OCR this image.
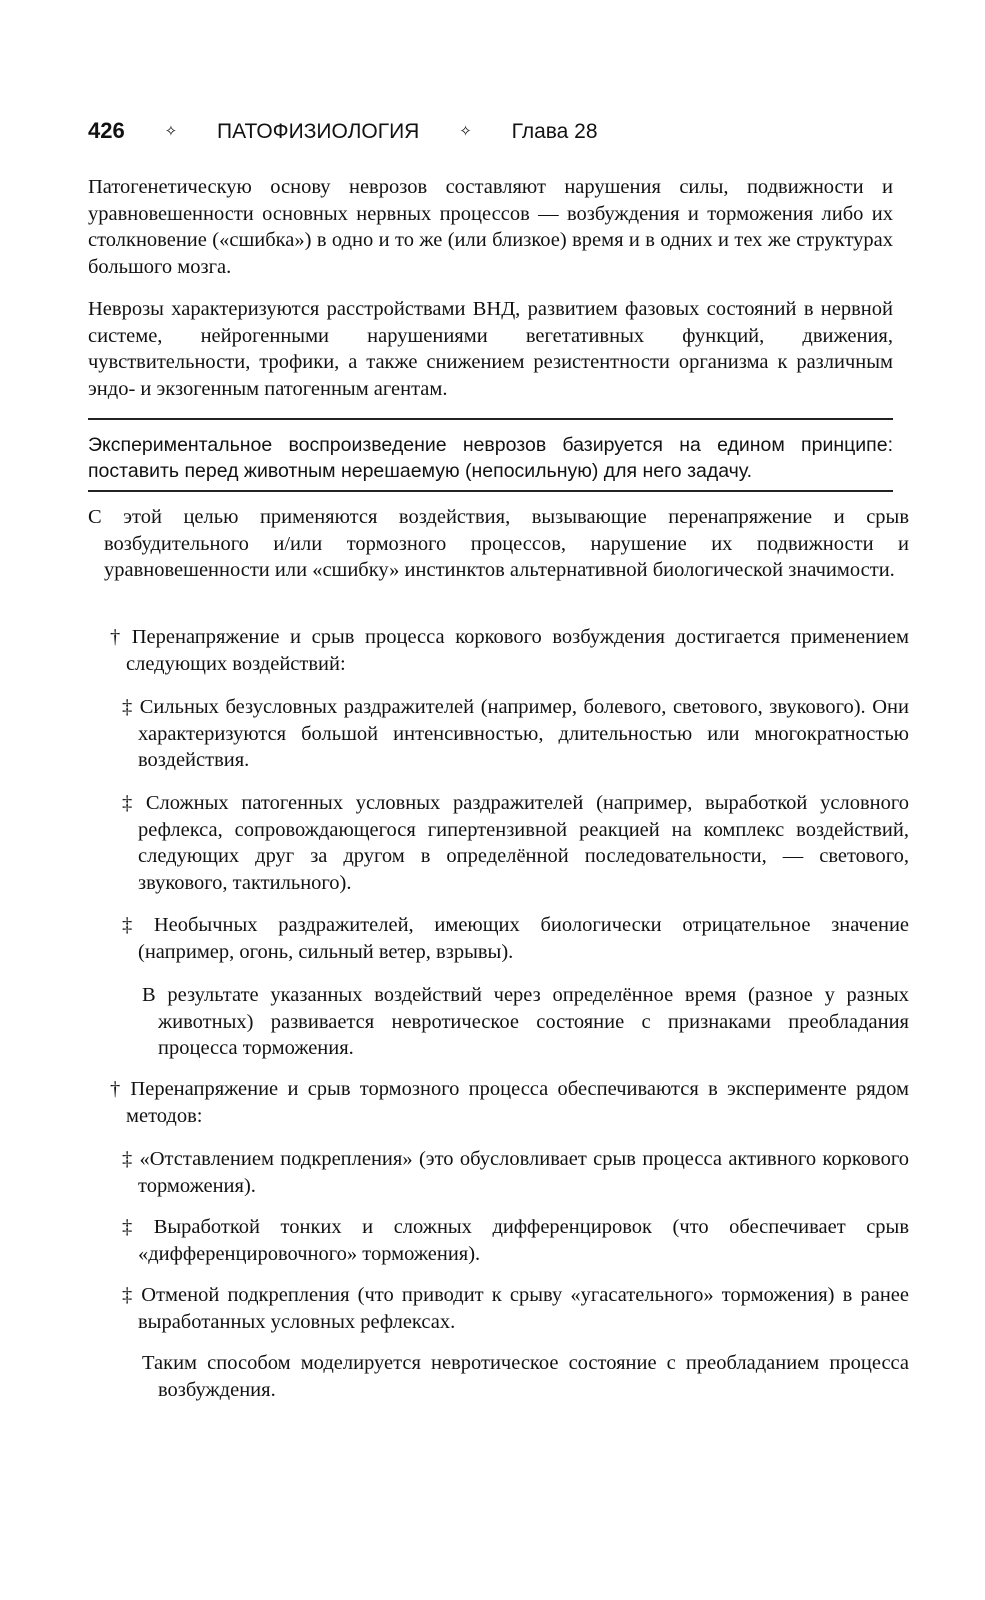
426	✧ ПАТОФИЗИОЛОГИЯ	✧ Глава 28
Патогенетическую основу неврозов составляют нарушения силы, подвижности и уравновешенности основных нервных процессов — возбуждения и торможения либо их столкновение («сшибка») в одно и то же (или близкое) время и в одних и тех же структурах большого мозга.
Неврозы характеризуются расстройствами ВНД, развитием фазовых состояний в нервной системе, нейрогенными нарушениями вегетативных функций, движения, чувствительности, трофики, а также снижением резистентности организма к различным эндо- и экзогенным патогенным агентам.
Экспериментальное воспроизведение неврозов базируется на едином принципе: поставить перед животным нерешаемую (непосильную) для него задачу.
С этой целью применяются воздействия, вызывающие перенапряжение и срыв возбудительного и/или тормозного процессов, нарушение их подвижности и уравновешенности или «сшибку» инстинктов альтернативной биологической значимости.
† Перенапряжение и срыв процесса коркового возбуждения достигается применением следующих воздействий:
‡ Сильных безусловных раздражителей (например, болевого, светового, звукового). Они характеризуются большой интенсивностью, длительностью или многократностью воздействия.
‡ Сложных патогенных условных раздражителей (например, выработкой условного рефлекса, сопровождающегося гипертензивной реакцией на комплекс воздействий, следующих друг за другом в определённой последовательности, — светового, звукового, тактильного).
‡ Необычных раздражителей, имеющих биологически отрицательное значение (например, огонь, сильный ветер, взрывы).
В результате указанных воздействий через определённое время (разное у разных животных) развивается невротическое состояние с признаками преобладания процесса торможения.
† Перенапряжение и срыв тормозного процесса обеспечиваются в эксперименте рядом методов:
‡ «Отставлением подкрепления» (это обусловливает срыв процесса активного коркового торможения).
‡ Выработкой тонких и сложных дифференцировок (что обеспечивает срыв «дифференцировочного» торможения).
‡ Отменой подкрепления (что приводит к срыву «угасательного» торможения) в ранее выработанных условных рефлексах.
Таким способом моделируется невротическое состояние с преобладанием процесса возбуждения.
